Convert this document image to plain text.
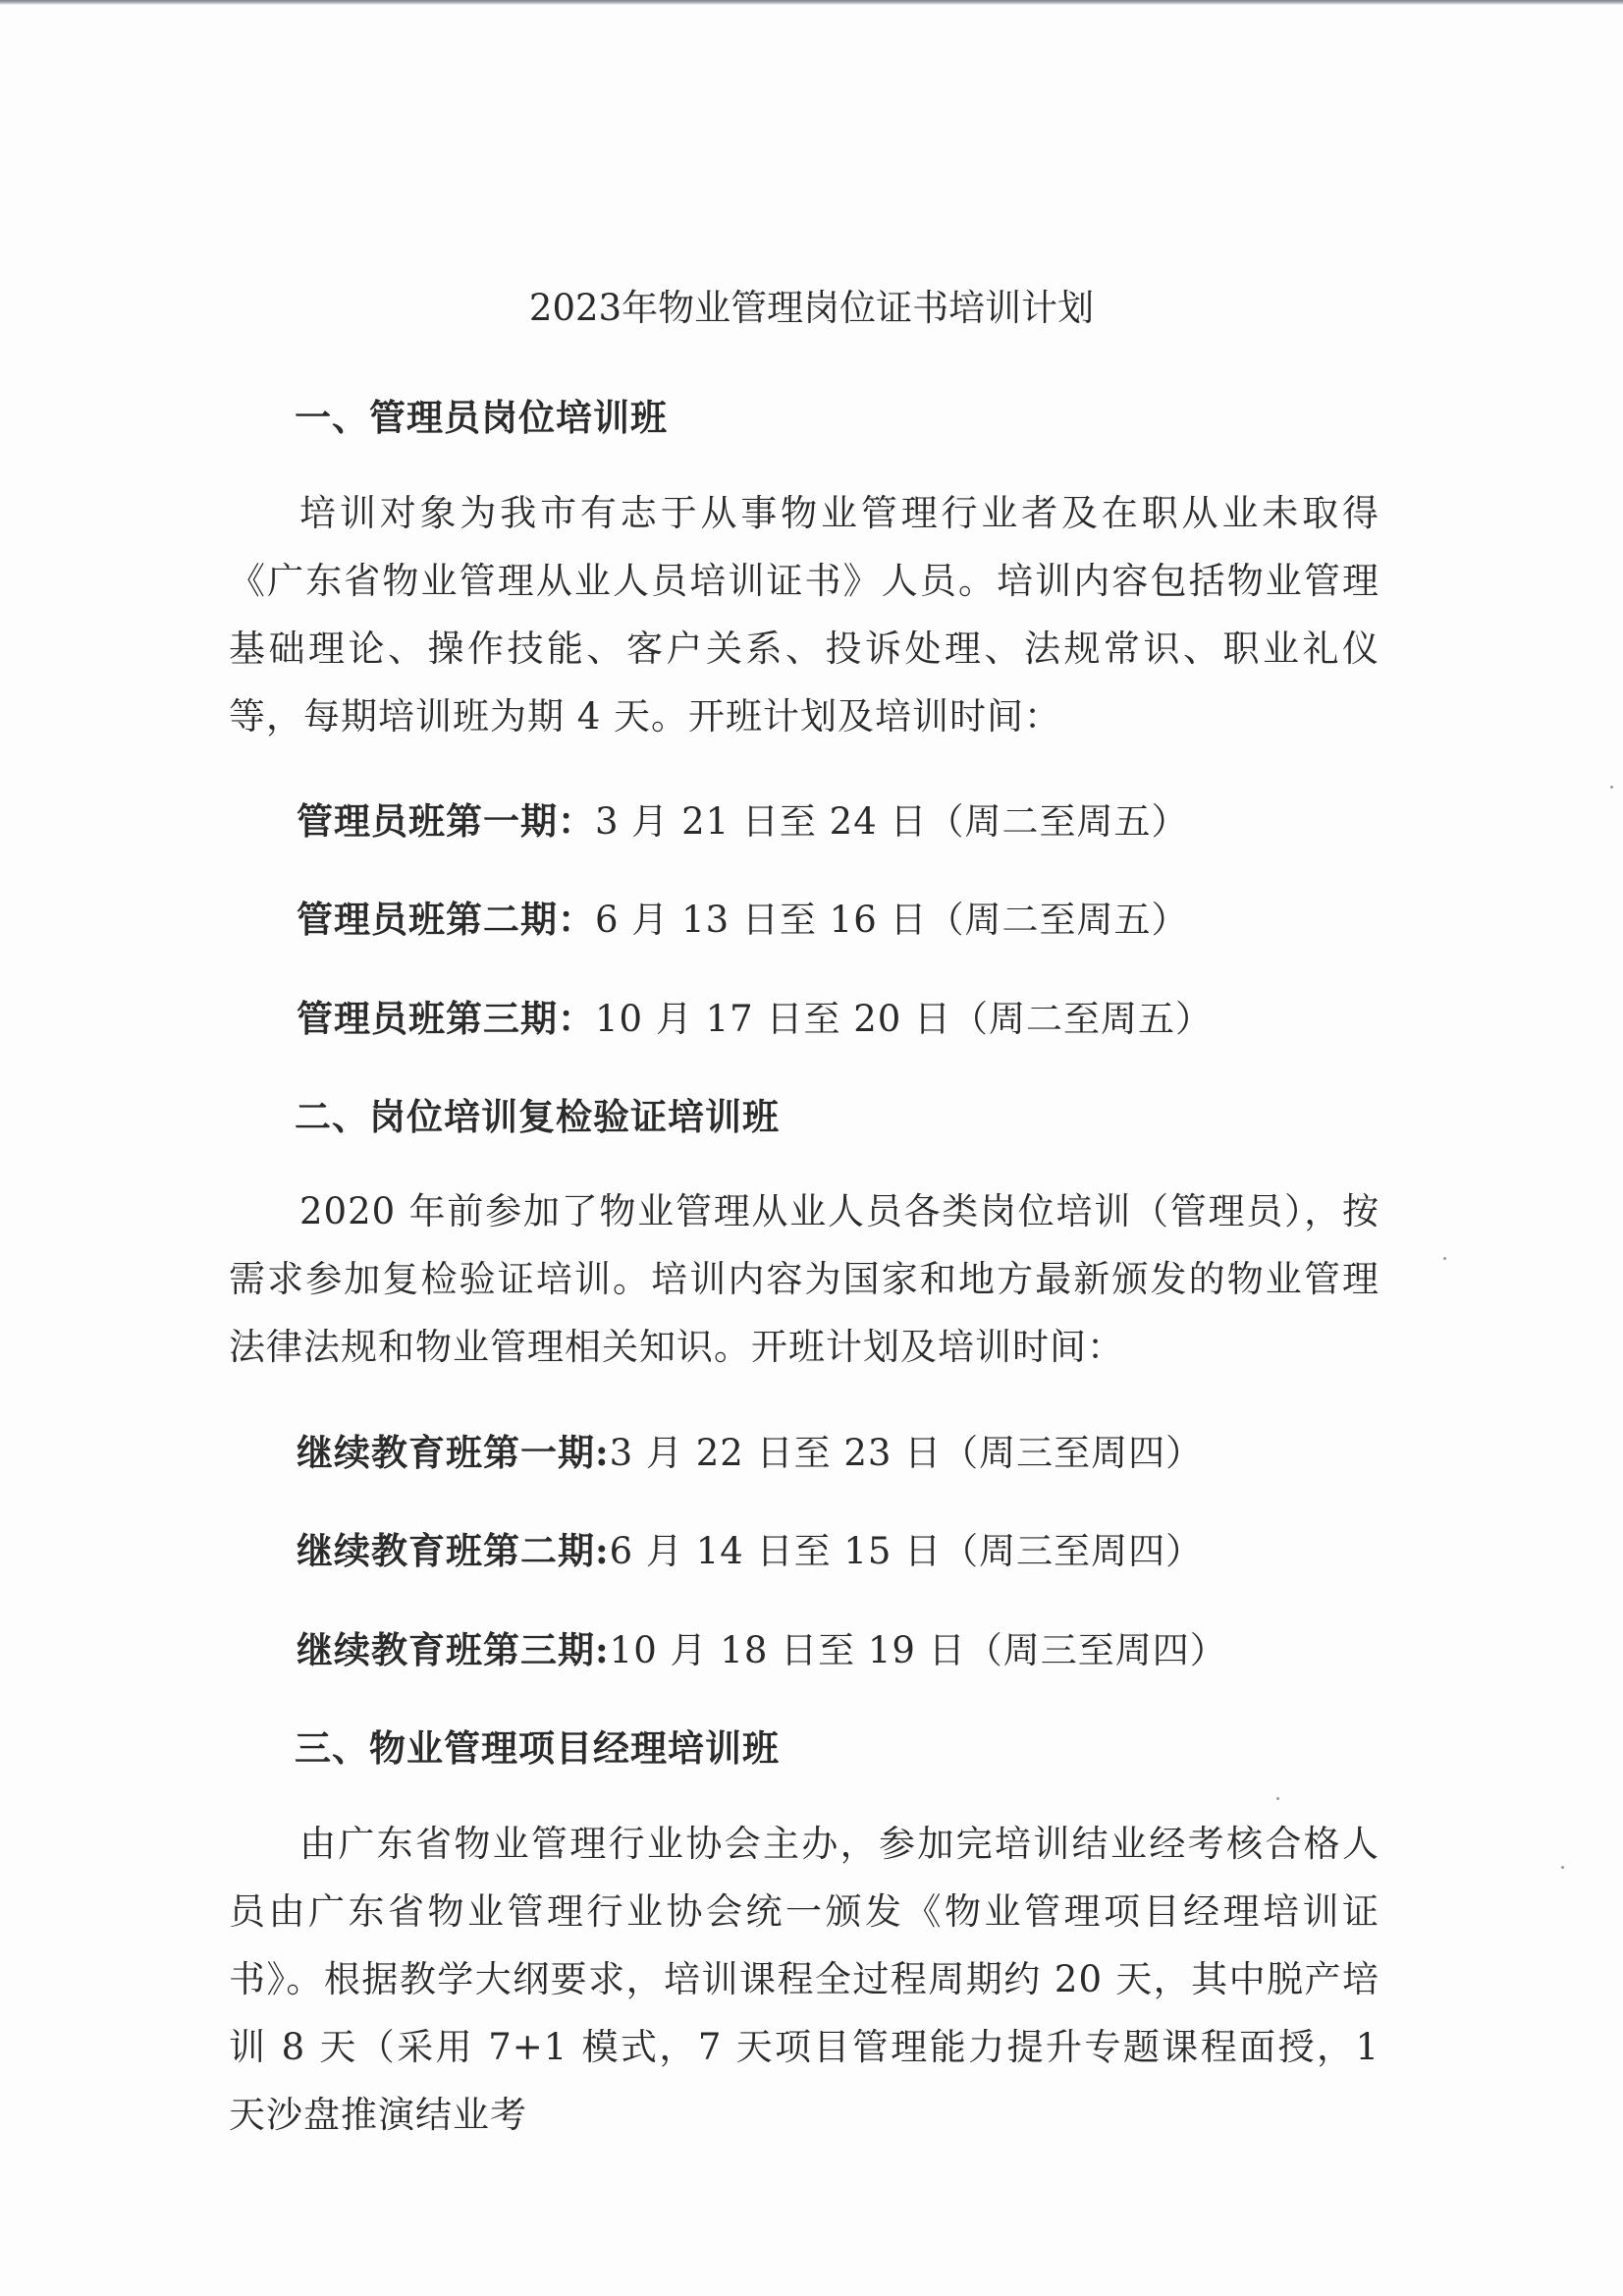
2023年物业管理岗位证书培训计划
一、管理员岗位培训班
培训对象为我市有志于从事物业管理行业者及在职从业未取得《广东省物业管理从业人员培训证书》人员。培训内容包括物业管理基础理论、操作技能、客户关系、投诉处理、法规常识、职业礼仪等，每期培训班为期 4 天。开班计划及培训时间：
管理员班第一期：3 月 21 日至 24 日（周二至周五）
管理员班第二期：6 月 13 日至 16 日（周二至周五）
管理员班第三期：10 月 17 日至 20 日（周二至周五）
二、岗位培训复检验证培训班
2020 年前参加了物业管理从业人员各类岗位培训（管理员），按需求参加复检验证培训。培训内容为国家和地方最新颁发的物业管理法律法规和物业管理相关知识。开班计划及培训时间：
继续教育班第一期:3 月 22 日至 23 日（周三至周四）
继续教育班第二期:6 月 14 日至 15 日（周三至周四）
继续教育班第三期:10 月 18 日至 19 日（周三至周四）
三、物业管理项目经理培训班
由广东省物业管理行业协会主办，参加完培训结业经考核合格人员由广东省物业管理行业协会统一颁发《物业管理项目经理培训证书》。根据教学大纲要求，培训课程全过程周期约 20 天，其中脱产培训 8 天（采用 7+1 模式，7 天项目管理能力提升专题课程面授，1 天沙盘推演结业考
